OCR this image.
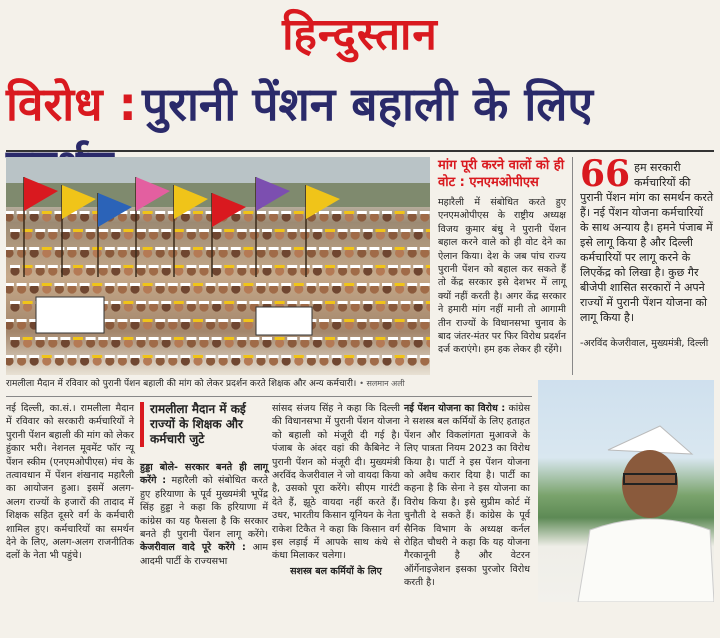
हिन्दुस्तान
विरोध : पुरानी पेंशन बहाली के लिए
रामलीला मैदान में रविवार को पुरानी पेंशन बहाली की मांग को लेकर प्रदर्शन करते शिक्षक और अन्य कर्मचारी। • सलमान अली
मांग पूरी करने वालों को ही वोट : एनएमओपीएस
महारैली में संबोधित करते हुए एनएमओपीएस के राष्ट्रीय अध्यक्ष विजय कुमार बंधु ने पुरानी पेंशन बहाल करने वाले को ही वोट देने का ऐलान किया। देश के जब पांच राज्य पुरानी पेंशन को बहाल कर सकते हैं तो केंद्र सरकार इसे देशभर में लागू क्यों नहीं करती है। अगर केंद्र सरकार ने हमारी मांग नहीं मानी तो आगामी तीन राज्यों के विधानसभा चुनाव के बाद जंतर-मंतर पर फिर विरोध प्रदर्शन दर्ज कराएंगे। हम हक लेकर ही रहेंगे।
66 हम सरकारी कर्मचारियों की पुरानी पेंशन मांग का समर्थन करते हैं। नई पेंशन योजना कर्मचारियों के साथ अन्याय है। हमने पंजाब में इसे लागू किया है और दिल्ली कर्मचारियों पर लागू करने के लिएकेंद्र को लिखा है। कुछ गैर बीजेपी शासित सरकारों ने अपने राज्यों में पुरानी पेंशन योजना को लागू किया है।
-अरविंद केजरीवाल, मुख्यमंत्री, दिल्ली
नई दिल्ली, का.सं.। रामलीला मैदान में रविवार को सरकारी कर्मचारियों ने पुरानी पेंशन बहाली की मांग को लेकर हुंकार भरी। नेशनल मूवमेंट फॉर न्यू पेंशन स्कीम (एनएमओपीएस) मंच के तत्वावधान में पेंशन शंखनाद महारैली का आयोजन हुआ। इसमें अलग-अलग राज्यों के हजारों की तादाद में शिक्षक सहित दूसरे वर्ग के कर्मचारी शामिल हुए। कर्मचारियों का समर्थन देने के लिए, अलग-अलग राजनीतिक दलों के नेता भी पहुंचे।
रामलीला मैदान में कई राज्यों के शिक्षक और कर्मचारी जुटे
हुड्डा बोले- सरकार बनते ही लागू करेंगे : महारैली को संबोधित करते हुए हरियाणा के पूर्व मुख्यमंत्री भूपेंद्र सिंह हुड्डा ने कहा कि हरियाणा में कांग्रेस का यह फैसला है कि सरकार बनते ही पुरानी पेंशन लागू करेंगे। केजरीवाल वादे पूरे करेंगे : आम आदमी पार्टी के राज्यसभा
सांसद संजय सिंह ने कहा कि दिल्ली की विधानसभा में पुरानी पेंशन योजना को बहाली को मंजूरी दी गई है। पंजाब के अंदर वहां की कैबिनेट ने पुरानी पेंशन को मंजूरी दी। मुख्यमंत्री अरविंद केजरीवाल ने जो वायदा किया है, उसको पूरा करेंगे। सीएम गारंटी देते हैं, झूठे वायदा नहीं करते हैं। उधर, भारतीय किसान यूनियन के नेता राकेश टिकैत ने कहा कि किसान वर्ग इस लड़ाई में आपके साथ कंधे से कंधा मिलाकर चलेगा।
सशस्त्र बल कर्मियों के लिए
नई पेंशन योजना का विरोध : कांग्रेस ने सशस्त्र बल कर्मियों के लिए हताहत पेंशन और विकलांगता मुआवजे के लिए पात्रता नियम 2023 का विरोध किया है। पार्टी ने इस पेंशन योजना को अवैध करार दिया है। पार्टी का कहना है कि सेना ने इस योजना का विरोध किया है। इसे सुप्रीम कोर्ट में चुनौती दे सकते हैं। कांग्रेस के पूर्व सैनिक विभाग के अध्यक्ष कर्नल रोहित चौधरी ने कहा कि यह योजना गैरकानूनी है और वेटरन ऑर्गेनाइजेशन इसका पुरजोर विरोध करती है।
